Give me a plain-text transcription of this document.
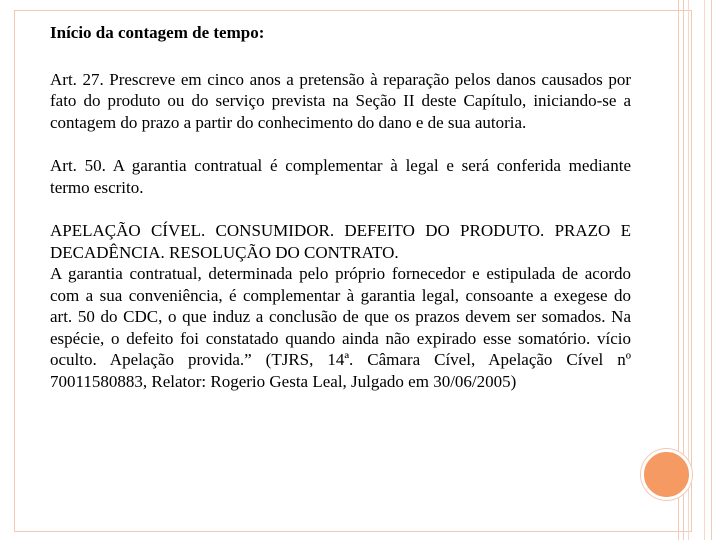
Início da contagem de tempo:

Art. 27. Prescreve em cinco anos a pretensão à reparação pelos danos causados por fato do produto ou do serviço prevista na Seção II deste Capítulo, iniciando-se a contagem do prazo a partir do conhecimento do dano e de sua autoria.

Art. 50. A garantia contratual é complementar à legal e será conferida mediante termo escrito.

APELAÇÃO CÍVEL. CONSUMIDOR. DEFEITO DO PRODUTO. PRAZO E DECADÊNCIA. RESOLUÇÃO DO CONTRATO.

A garantia contratual, determinada pelo próprio fornecedor e estipulada de acordo com a sua conveniência, é complementar à garantia legal, consoante a exegese do art. 50 do CDC, o que induz a conclusão de que os prazos devem ser somados. Na espécie, o defeito foi constatado quando ainda não expirado esse somatório. vício oculto. Apelação provida.” (TJRS, 14ª. Câmara Cível, Apelação Cível nº 70011580883, Relator: Rogerio Gesta Leal, Julgado em 30/06/2005)
